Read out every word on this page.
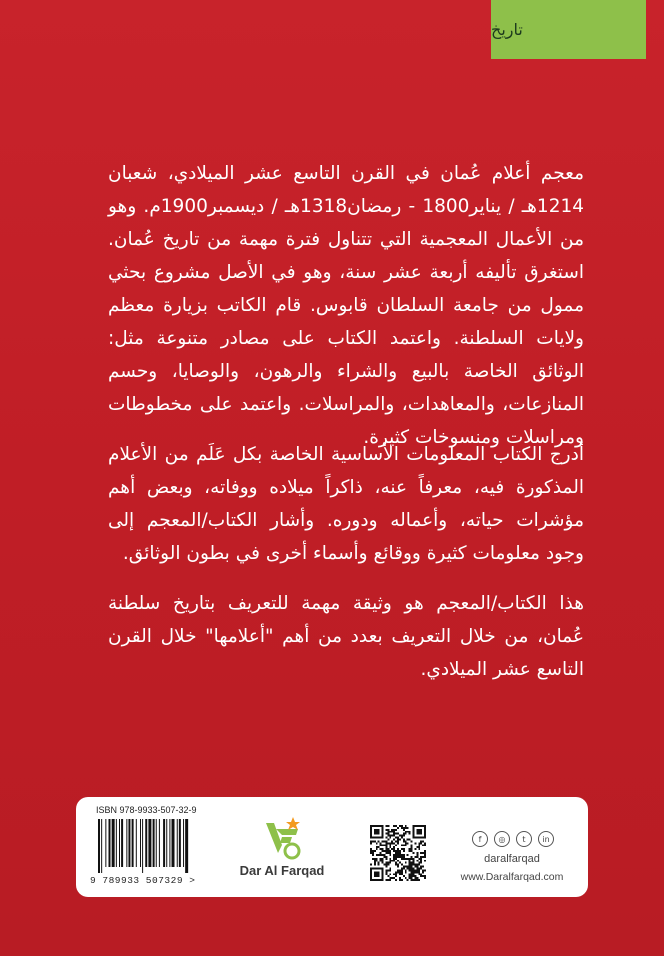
تاريخ

معجم أعلام عُمان في القرن التاسع عشر الميلادي، شعبان 1214هـ / يناير1800 - رمضان1318هـ / ديسمبر1900م. وهو من الأعمال المعجمية التي تتناول فترة مهمة من تاريخ عُمان. استغرق تأليفه أربعة عشر سنة، وهو في الأصل مشروع بحثي ممول من جامعة السلطان قابوس. قام الكاتب بزيارة معظم ولايات السلطنة. واعتمد الكتاب على مصادر متنوعة مثل: الوثائق الخاصة بالبيع والشراء والرهون، والوصايا، وحسم المنازعات، والمعاهدات، والمراسلات. واعتمد على مخطوطات ومراسلات ومنسوخات كثيرة.

أدرج الكتاب المعلومات الأساسية الخاصة بكل عَلَم من الأعلام المذكورة فيه، معرفاً عنه، ذاكراً ميلاده ووفاته، وبعض أهم مؤشرات حياته، وأعماله ودوره. وأشار الكتاب/المعجم إلى وجود معلومات كثيرة ووقائع وأسماء أخرى في بطون الوثائق.

هذا الكتاب/المعجم هو وثيقة مهمة للتعريف بتاريخ سلطنة عُمان، من خلال التعريف بعدد من أهم "أعلامها" خلال القرن التاسع عشر الميلادي.

ISBN 978-9933-507-32-9
9 789933 507329 >
Dar Al Farqad
f	◎	t	in
daralfarqad
www.Daralfarqad.com
